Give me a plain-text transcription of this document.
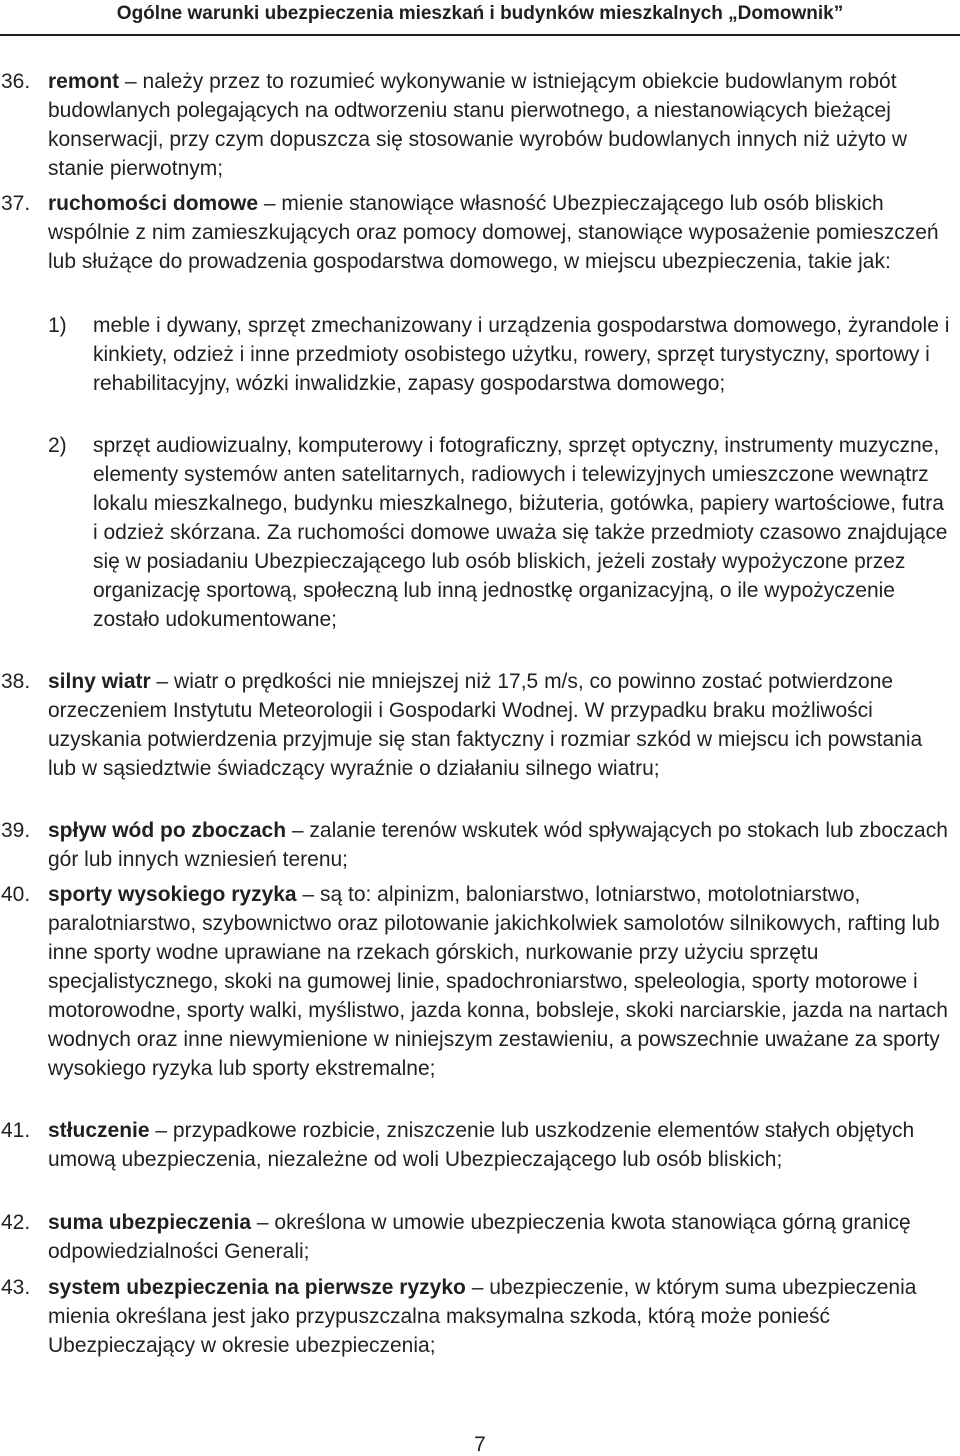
Ogólne warunki ubezpieczenia mieszkań i budynków mieszkalnych „Domownik”
36. remont – należy przez to rozumieć wykonywanie w istniejącym obiekcie budowlanym robót budowlanych polegających na odtworzeniu stanu pierwotnego, a niestanowiących bieżącej konserwacji, przy czym dopuszcza się stosowanie wyrobów budowlanych innych niż użyto w stanie pierwotnym;
37. ruchomości domowe – mienie stanowiące własność Ubezpieczającego lub osób bliskich wspólnie z nim zamieszkujących oraz pomocy domowej, stanowiące wyposażenie pomieszczeń lub służące do prowadzenia gospodarstwa domowego, w miejscu ubezpieczenia, takie jak:
1) meble i dywany, sprzęt zmechanizowany i urządzenia gospodarstwa domowego, żyrandole i kinkiety, odzież i inne przedmioty osobistego użytku, rowery, sprzęt turystyczny, sportowy i rehabilitacyjny, wózki inwalidzkie, zapasy gospodarstwa domowego;
2) sprzęt audiowizualny, komputerowy i fotograficzny, sprzęt optyczny, instrumenty muzyczne, elementy systemów anten satelitarnych, radiowych i telewizyjnych umieszczone wewnątrz lokalu mieszkalnego, budynku mieszkalnego, biżuteria, gotówka, papiery wartościowe, futra i odzież skórzana. Za ruchomości domowe uważa się także przedmioty czasowo znajdujące się w posiadaniu Ubezpieczającego lub osób bliskich, jeżeli zostały wypożyczone przez organizację sportową, społeczną lub inną jednostkę organizacyjną, o ile wypożyczenie zostało udokumentowane;
38. silny wiatr – wiatr o prędkości nie mniejszej niż 17,5 m/s, co powinno zostać potwierdzone orzeczeniem Instytutu Meteorologii i Gospodarki Wodnej. W przypadku braku możliwości uzyskania potwierdzenia przyjmuje się stan faktyczny i rozmiar szkód w miejscu ich powstania lub w sąsiedztwie świadczący wyraźnie o działaniu silnego wiatru;
39. spływ wód po zboczach – zalanie terenów wskutek wód spływających po stokach lub zboczach gór lub innych wzniesień terenu;
40. sporty wysokiego ryzyka – są to: alpinizm, baloniarstwo, lotniarstwo, motolotniarstwo, paralotniarstwo, szybownictwo oraz pilotowanie jakichkolwiek samolotów silnikowych, rafting lub inne sporty wodne uprawiane na rzekach górskich, nurkowanie przy użyciu sprzętu specjalistycznego, skoki na gumowej linie, spadochroniarstwo, speleologia, sporty motorowe i motorowodne, sporty walki, myślistwo, jazda konna, bobsleje, skoki narciarskie, jazda na nartach wodnych oraz inne niewymienione w niniejszym zestawieniu, a powszechnie uważane za sporty wysokiego ryzyka lub sporty ekstremalne;
41. stłuczenie – przypadkowe rozbicie, zniszczenie lub uszkodzenie elementów stałych objętych umową ubezpieczenia, niezależne od woli Ubezpieczającego lub osób bliskich;
42. suma ubezpieczenia – określona w umowie ubezpieczenia kwota stanowiąca górną granicę odpowiedzialności Generali;
43. system ubezpieczenia na pierwsze ryzyko – ubezpieczenie, w którym suma ubezpieczenia mienia określana jest jako przypuszczalna maksymalna szkoda, którą może ponieść Ubezpieczający w okresie ubezpieczenia;
7
